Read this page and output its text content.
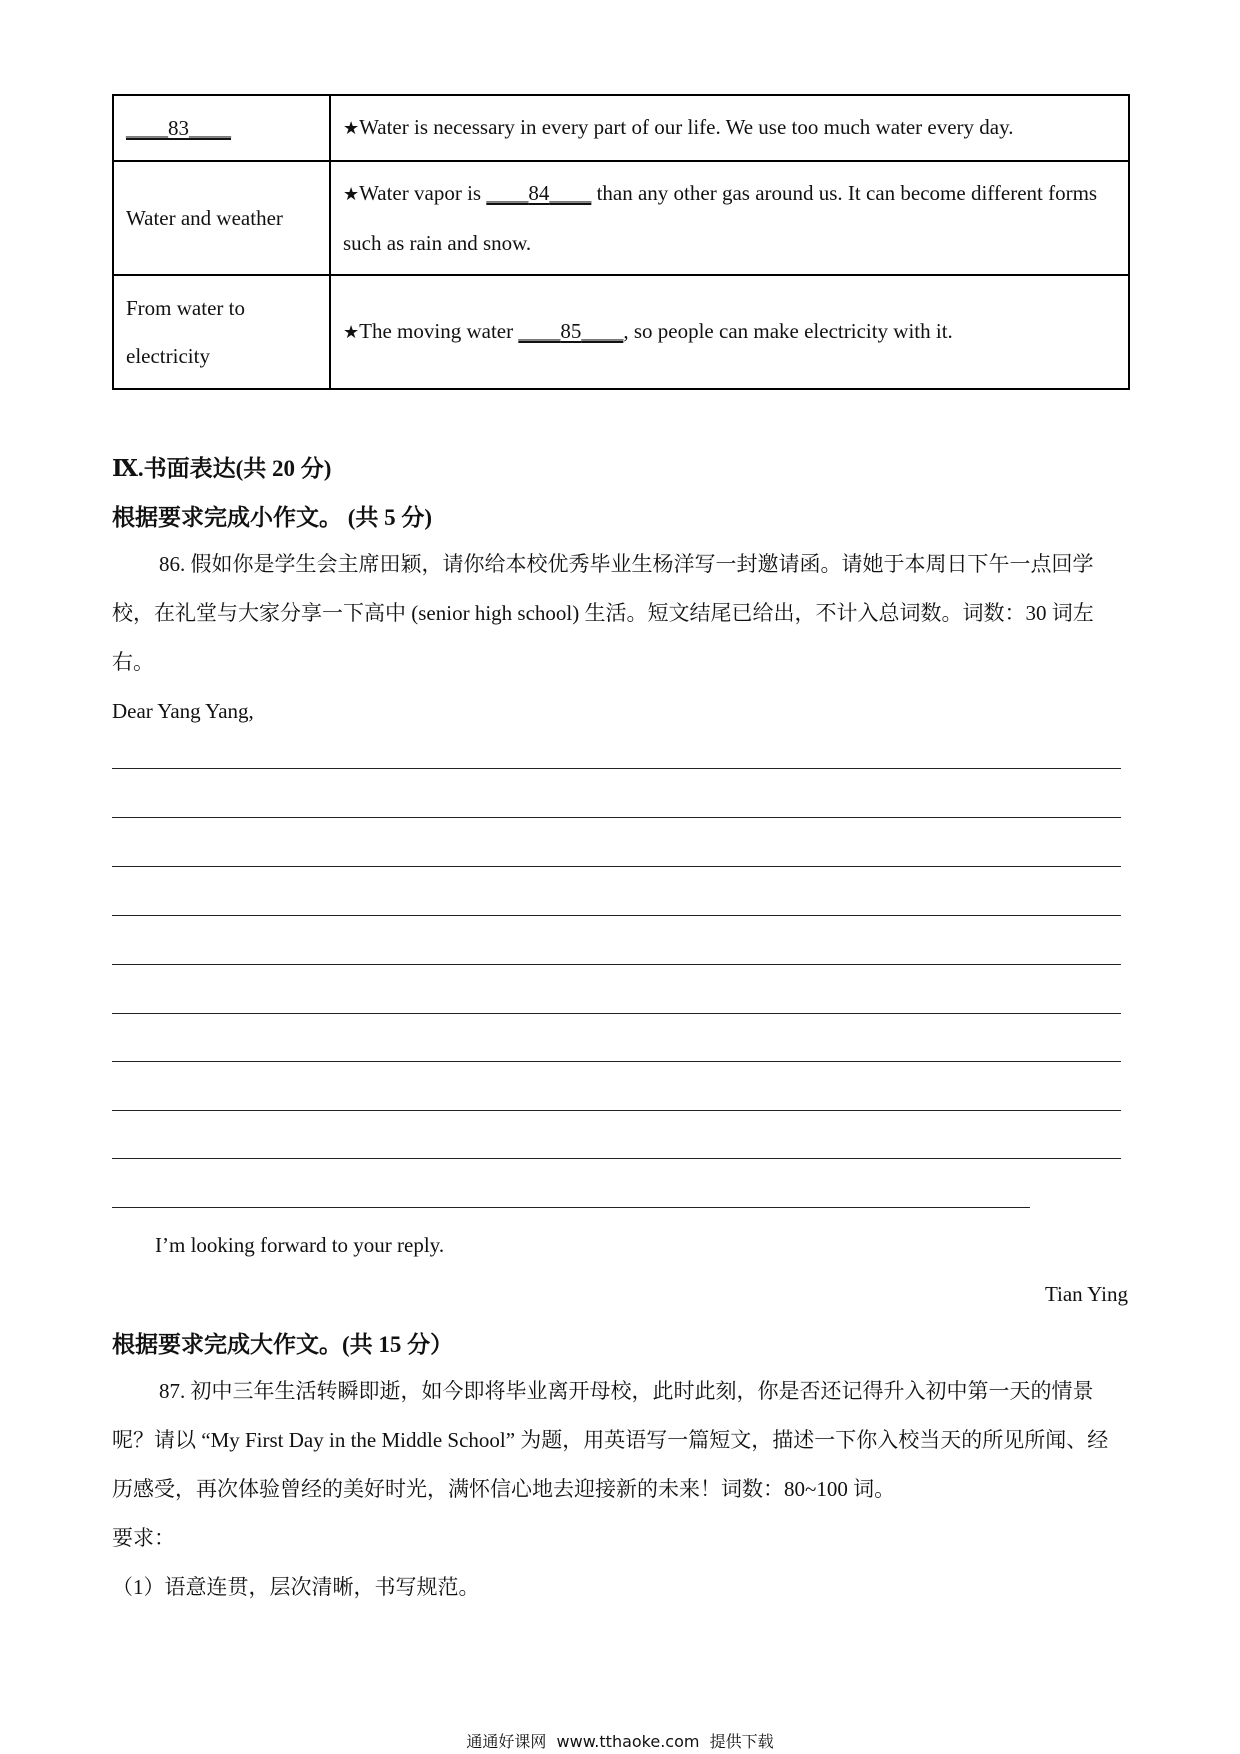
____83____	★Water is necessary in every part of our life. We use too much water every day.
Water and weather	★Water vapor is ____84____ than any other gas around us. It can become different forms such as rain and snow.
From water to electricity	★The moving water ____85____, so people can make electricity with it.
Ⅸ.书面表达(共 20 分)
根据要求完成小作文。 (共 5 分)
86. 假如你是学生会主席田颖，请你给本校优秀毕业生杨洋写一封邀请函。请她于本周日下午一点回学校，在礼堂与大家分享一下高中 (senior high school) 生活。短文结尾已给出，不计入总词数。词数：30 词左右。
Dear Yang Yang,
I’m looking forward to your reply.
Tian Ying
根据要求完成大作文。(共 15 分）
87. 初中三年生活转瞬即逝，如今即将毕业离开母校，此时此刻，你是否还记得升入初中第一天的情景呢？请以 “My First Day in the Middle School” 为题，用英语写一篇短文，描述一下你入校当天的所见所闻、经历感受，再次体验曾经的美好时光，满怀信心地去迎接新的未来！词数：80~100 词。
要求：
（1）语意连贯，层次清晰，书写规范。
通通好课网  www.tthaoke.com  提供下载
